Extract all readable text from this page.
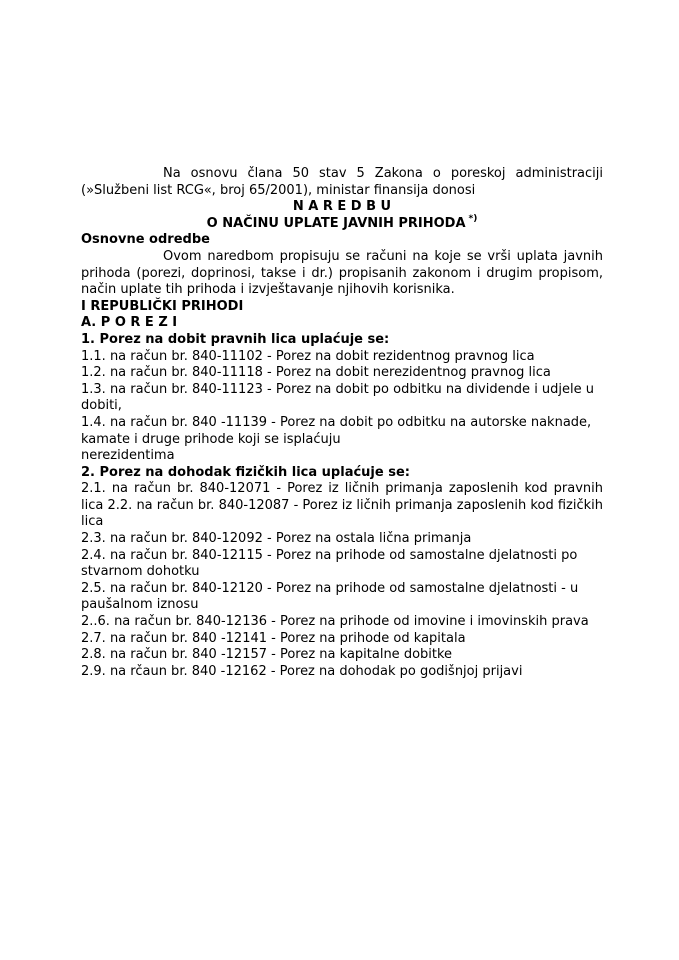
Na osnovu člana 50 stav 5 Zakona o poreskoj administraciji (»Službeni list RCG«, broj 65/2001), ministar finansija donosi

N A R E D B U
O NAČINU UPLATE JAVNIH PRIHODA *)
Osnovne odredbe

Ovom naredbom propisuju se računi na koje se vrši uplata javnih prihoda (porezi, doprinosi, takse i dr.) propisanih zakonom i drugim propisom, način uplate tih prihoda i izvještavanje njihovih korisnika.

I REPUBLIČKI PRIHODI
A. P O R E Z I
1. Porez na dobit pravnih lica uplaćuje se:
1.1. na račun br. 840-11102 - Porez na dobit rezidentnog pravnog lica
1.2. na račun br. 840-11118 - Porez na dobit nerezidentnog pravnog lica
1.3. na račun br. 840-11123 - Porez na dobit po odbitku na dividende i udjele u
dobiti,
1.4. na račun br. 840 -11139 - Porez na dobit po odbitku na autorske naknade,
kamate i druge prihode koji se isplaćuju
nerezidentima
2. Porez na dohodak fizičkih lica uplaćuje se:
2.1. na račun br. 840-12071 - Porez iz ličnih primanja zaposlenih kod pravnih lica 2.2. na račun br. 840-12087 - Porez iz ličnih primanja zaposlenih kod fizičkih lica
2.3. na račun br. 840-12092 - Porez na ostala lična primanja
2.4. na račun br. 840-12115 - Porez na prihode od samostalne djelatnosti po
stvarnom dohotku
2.5. na račun br. 840-12120 - Porez na prihode od samostalne djelatnosti - u
paušalnom iznosu
2..6. na račun br. 840-12136 - Porez na prihode od imovine i imovinskih prava
2.7. na račun br. 840 -12141 - Porez na prihode od kapitala
2.8. na račun br. 840 -12157 - Porez na kapitalne dobitke
2.9. na rčaun br. 840 -12162 - Porez na dohodak po godišnjoj prijavi
